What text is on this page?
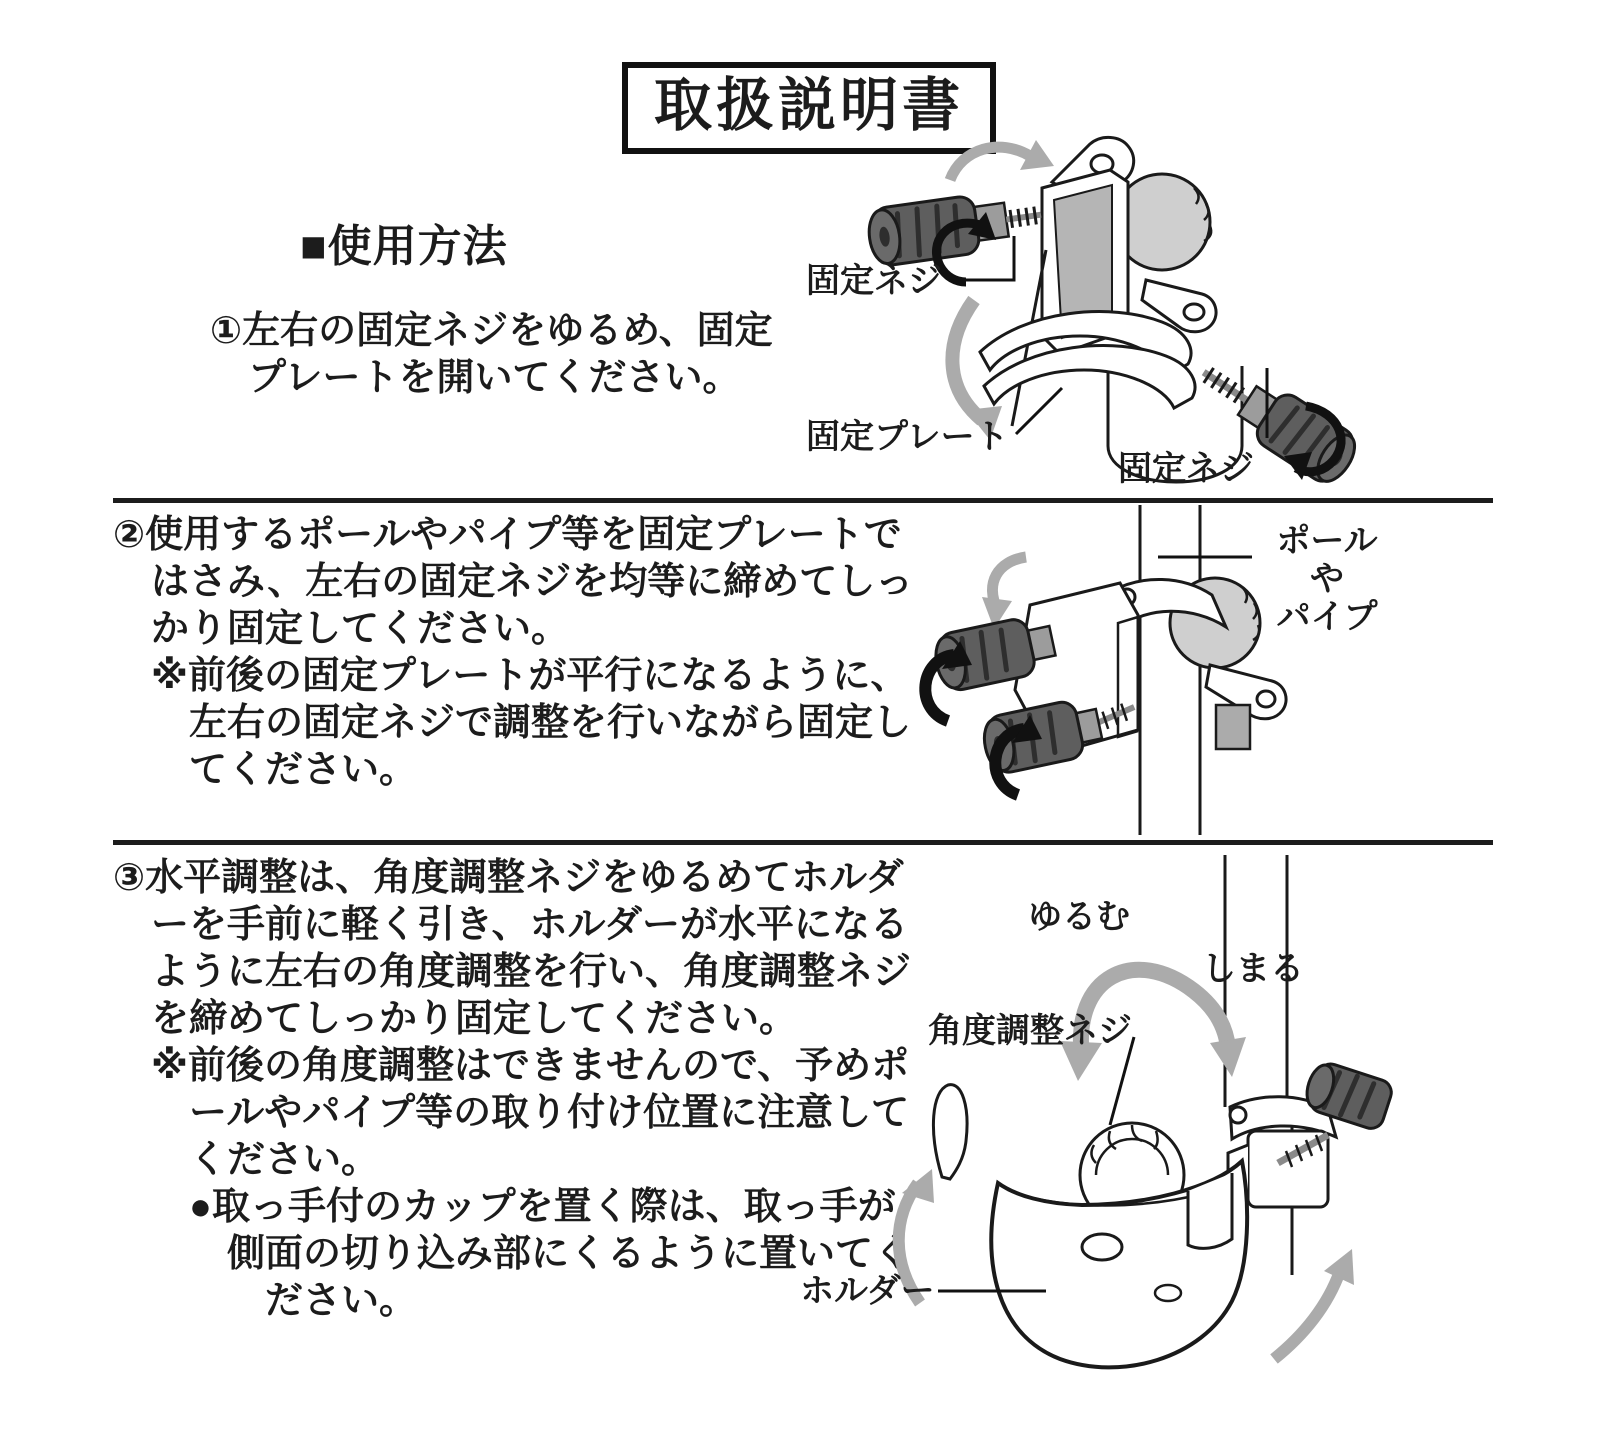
取扱説明書
■使用方法
①左右の固定ネジをゆるめ、固定
　プレートを開いてください。
固定ネジ
固定プレート
固定ネジ
②使用するポールやパイプ等を固定プレートで
　はさみ、左右の固定ネジを均等に締めてしっ
　かり固定してください。
　※前後の固定プレートが平行になるように、
　　左右の固定ネジで調整を行いながら固定し
　　てください。
ポール
や
パイプ
③水平調整は、角度調整ネジをゆるめてホルダ
　ーを手前に軽く引き、ホルダーが水平になる
　ように左右の角度調整を行い、角度調整ネジ
　を締めてしっかり固定してください。
　※前後の角度調整はできませんので、予めポ
　　ールやパイプ等の取り付け位置に注意して
　　ください。
　　●取っ手付のカップを置く際は、取っ手が
　　　側面の切り込み部にくるように置いてく
　　　　ださい。
ゆるむ
しまる
角度調整ネジ
ホルダー
